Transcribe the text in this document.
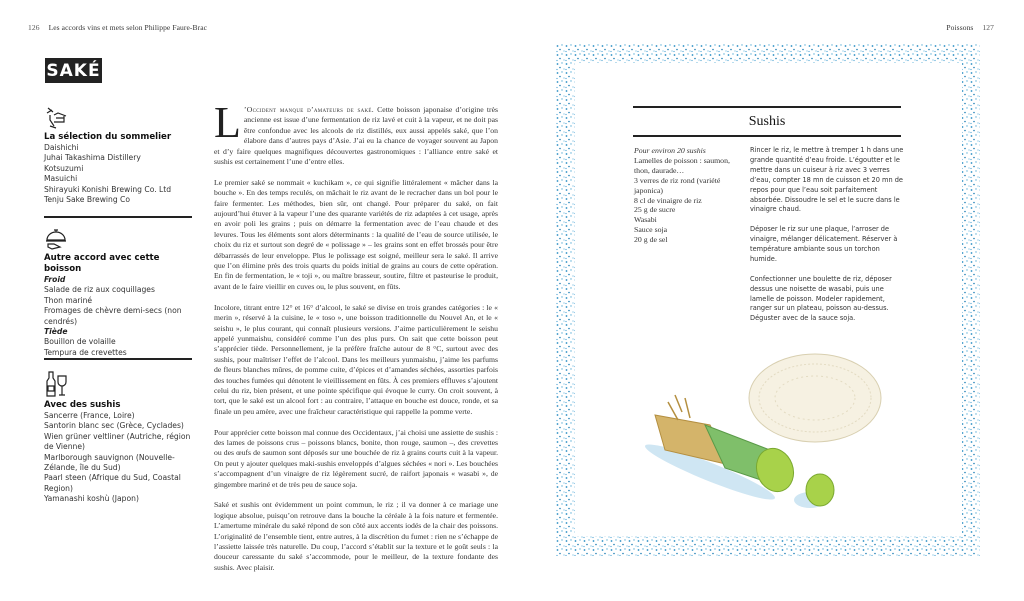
126 Les accords vins et mets selon Philippe Faure-Brac
SAKÉ
La sélection du sommelier
Daishichi
Juhai Takashima Distillery
Kotsuzumi
Masuichi
Shirayuki Konishi Brewing Co. Ltd
Tenju Sake Brewing Co
Autre accord avec cette boisson
Froid
Salade de riz aux coquillages
Thon mariné
Fromages de chèvre demi-secs (non cendrés)
Tiède
Bouillon de volaille
Tempura de crevettes
Avec des sushis
Sancerre (France, Loire)
Santorin blanc sec (Grèce, Cyclades)
Wien grüner veltliner (Autriche, région de Vienne)
Marlborough sauvignon (Nouvelle-Zélande, île du Sud)
Paarl steen (Afrique du Sud, Coastal Region)
Yamanashi koshù (Japon)

L ’Occident manque d’amateurs de saké. Cette boisson japonaise d’origine très ancienne est issue d’une fermentation de riz lavé et cuit à la vapeur, et ne doit pas être confondue avec les alcools de riz distillés, eux aussi appelés saké, que l’on élabore dans d’autres pays d’Asie. J’ai eu la chance de voyager souvent au Japon et d’y faire quelques magnifiques découvertes gastronomiques : l’alliance entre saké et sushis est certainement l’une d’entre elles.

Le premier saké se nommait « kuchikam », ce qui signifie littéralement « mâcher dans la bouche ». En des temps reculés, on mâchait le riz avant de le recracher dans un bol pour le faire fermenter. Les méthodes, bien sûr, ont changé. Pour préparer du saké, on fait aujourd’hui étuver à la vapeur l’une des quarante variétés de riz adaptées à cet usage, après en avoir poli les grains ; puis on démarre la fermentation avec de l’eau chaude et des levures. Tous les éléments sont alors déterminants : la qualité de l’eau de source utilisée, le choix du riz et surtout son degré de « polissage » – les grains sont en effet brossés pour être débarrassés de leur enveloppe. Plus le polissage est soigné, meilleur sera le saké. Il arrive que l’on élimine près des trois quarts du poids initial de grains au cours de cette opération. En fin de fermentation, le « toji », ou maître brasseur, soutire, filtre et pasteurise le produit, avant de le faire vieillir en cuves ou, le plus souvent, en fûts.

Incolore, titrant entre 12° et 16° d’alcool, le saké se divise en trois grandes catégories : le « merin », réservé à la cuisine, le « toso », une boisson traditionnelle du Nouvel An, et le « seishu », le plus courant, qui connaît plusieurs versions. J’aime particulièrement le seishu appelé yunmaishu, considéré comme l’un des plus purs. On sait que cette boisson peut s’apprécier tiède. Personnellement, je la préfère fraîche autour de 8 °C, surtout avec des sushis, pour maîtriser l’effet de l’alcool. Dans les meilleurs yunmaishu, j’aime les parfums de fleurs blanches mûres, de pomme cuite, d’épices et d’amandes séchées, assorties parfois des touches fumées qui dénotent le vieillissement en fûts. À ces premiers effluves s’ajoutent celui du riz, bien présent, et une pointe spécifique qui évoque le curry. On croit souvent, à tort, que le saké est un alcool fort : au contraire, l’attaque en bouche est douce, ronde, et sa finale un peu amère, avec une fraîcheur caractéristique qui rappelle la pomme verte.

Pour apprécier cette boisson mal connue des Occidentaux, j’ai choisi une assiette de sushis : des lames de poissons crus – poissons blancs, bonite, thon rouge, saumon –, des crevettes ou des œufs de saumon sont déposés sur une bouchée de riz à grains courts cuit à la vapeur. On peut y ajouter quelques maki-sushis enveloppés d’algues séchées « nori ». Les bouchées s’accompagnent d’un vinaigre de riz légèrement sucré, de raifort japonais « wasabi », de gingembre mariné et de très peu de sauce soja.

Saké et sushis ont évidemment un point commun, le riz ; il va donner à ce mariage une logique absolue, puisqu’on retrouve dans la bouche la céréale à la fois nature et fermentée. L’amertume minérale du saké répond de son côté aux accents iodés de la chair des poissons. L’originalité de l’ensemble tient, entre autres, à la discrétion du fumet : rien ne s’échappe de l’assiette laissée très naturelle. Du coup, l’accord s’établit sur la texture et le goût seuls : la douceur caressante du saké s’accommode, pour le meilleur, de la texture fondante des sushis. Avec plaisir.

Poissons 127
Sushis
Pour environ 20 sushis
Lamelles de poisson : saumon, thon, daurade…
3 verres de riz rond (variété japonica)
8 cl de vinaigre de riz
25 g de sucre
Wasabi
Sauce soja
20 g de sel

Rincer le riz, le mettre à tremper 1 h dans une grande quantité d’eau froide. L’égoutter et le mettre dans un cuiseur à riz avec 3 verres d’eau, compter 18 mn de cuisson et 20 mn de repos pour que l’eau soit parfaitement absorbée. Dissoudre le sel et le sucre dans le vinaigre chaud.

Déposer le riz sur une plaque, l’arroser de vinaigre, mélanger délicatement. Réserver à température ambiante sous un torchon humide.

Confectionner une boulette de riz, déposer dessus une noisette de wasabi, puis une lamelle de poisson. Modeler rapidement, ranger sur un plateau, poisson au-dessus. Déguster avec de la sauce soja.
